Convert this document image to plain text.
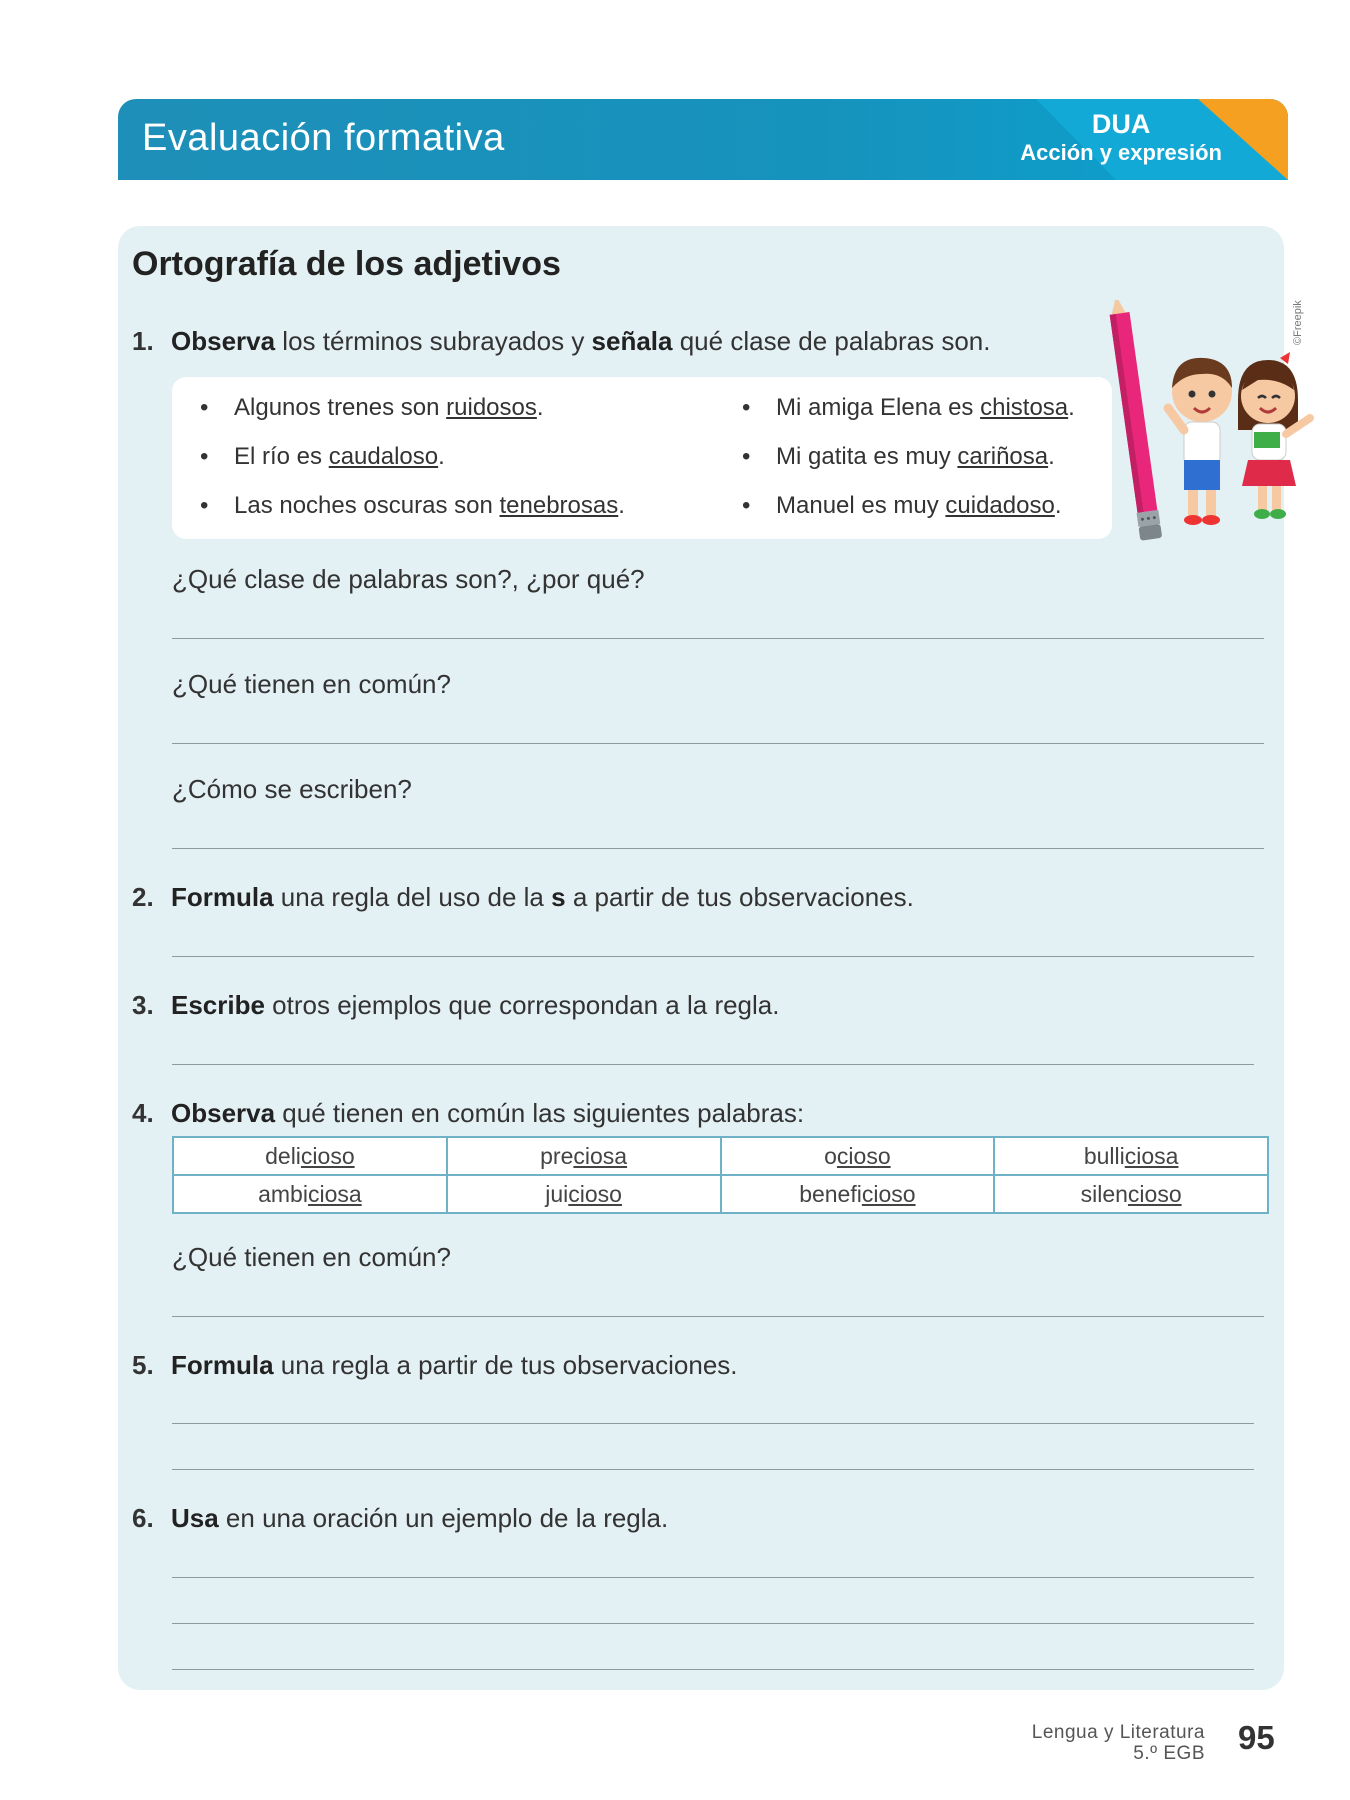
Evaluación formativa	DUA
Acción y expresión
©Freepik
Ortografía de los adjetivos
1. Observa los términos subrayados y señala qué clase de palabras son.
• Algunos trenes son ruidosos.
• El río es caudaloso.
• Las noches oscuras son tenebrosas.
• Mi amiga Elena es chistosa.
• Mi gatita es muy cariñosa.
• Manuel es muy cuidadoso.
¿Qué clase de palabras son?, ¿por qué?
¿Qué tienen en común?
¿Cómo se escriben?
2. Formula una regla del uso de la s a partir de tus observaciones.
3. Escribe otros ejemplos que correspondan a la regla.
4. Observa qué tienen en común las siguientes palabras:
delicioso	preciosa	ocioso	bulliciosa
ambiciosa	juicioso	beneficioso	silencioso
¿Qué tienen en común?
5. Formula una regla a partir de tus observaciones.
6. Usa en una oración un ejemplo de la regla.
Lengua y Literatura
5.º EGB 95
